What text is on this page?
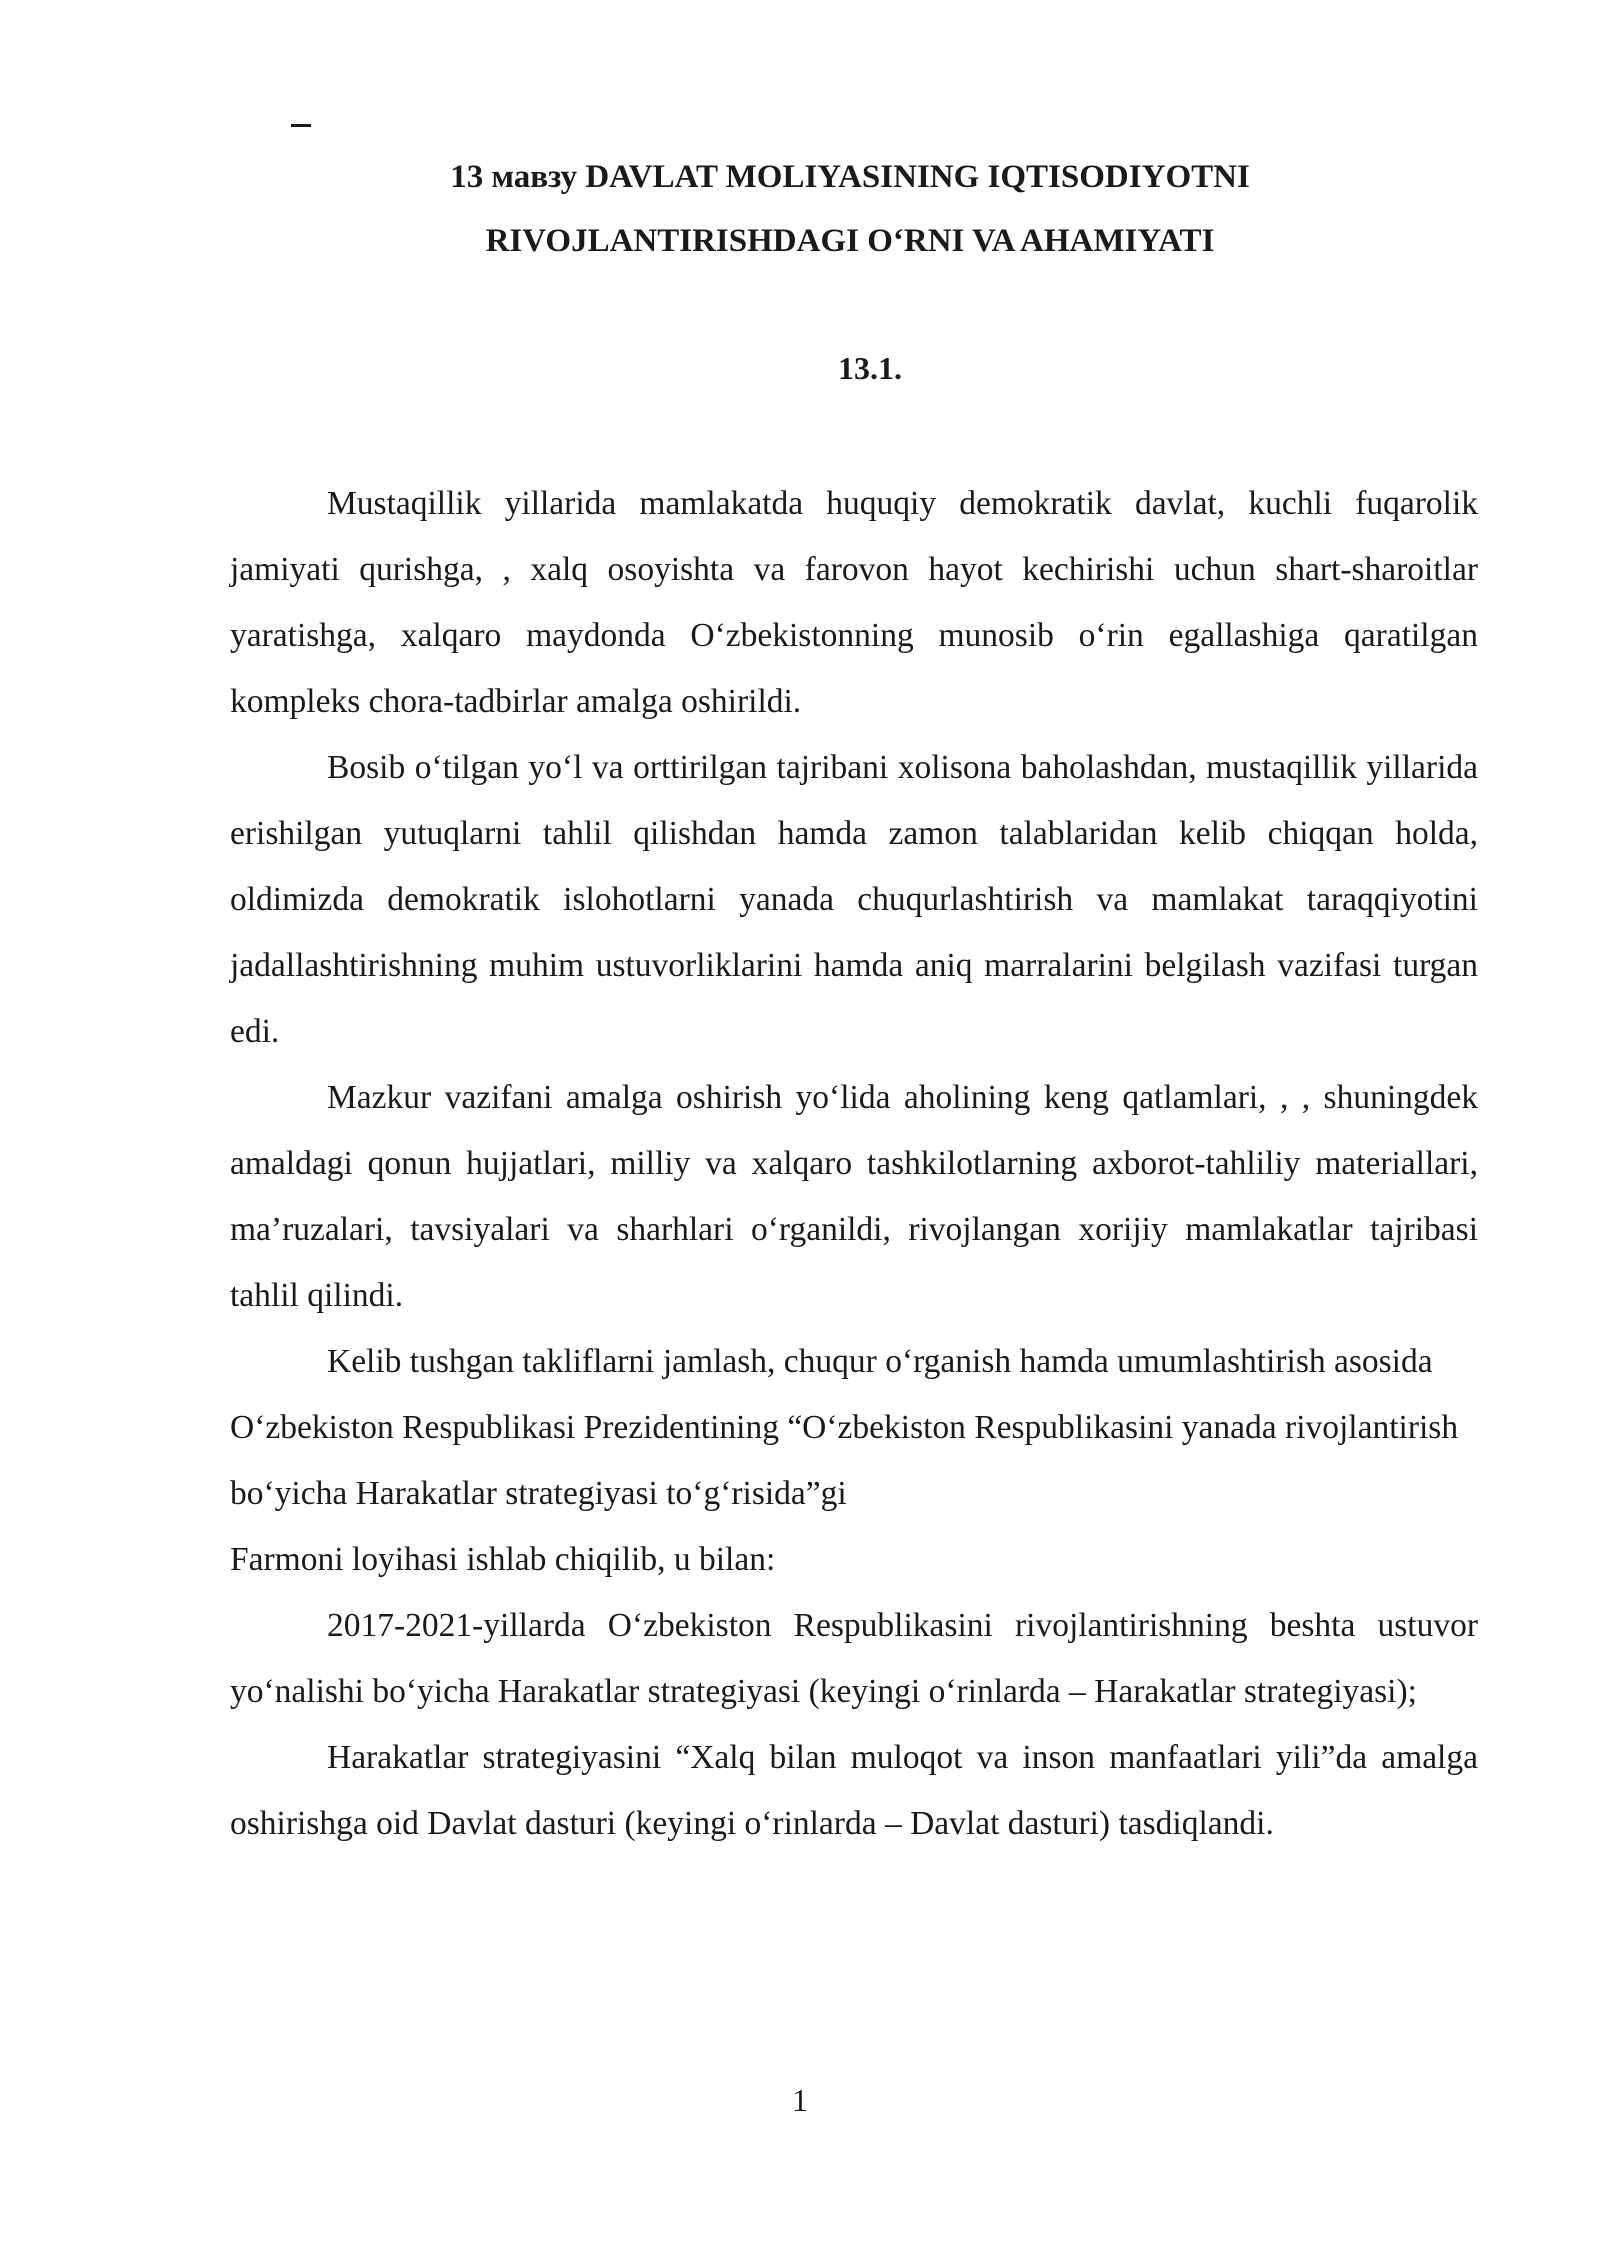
13 мавзу DAVLAT MOLIYASINING IQTISODIYOTNI
RIVOJLANTIRISHDAGI O‘RNI VA AHAMIYATI
13.1.

Mustaqillik yillarida mamlakatda huquqiy demokratik davlat, kuchli fuqarolik jamiyati qurishga, , xalq osoyishta va farovon hayot kechirishi uchun shart-sharoitlar yaratishga, xalqaro maydonda O‘zbekistonning munosib o‘rin egallashiga qaratilgan kompleks chora-tadbirlar amalga oshirildi.

Bosib o‘tilgan yo‘l va orttirilgan tajribani xolisona baholashdan, mustaqillik yillarida erishilgan yutuqlarni tahlil qilishdan hamda zamon talablaridan kelib chiqqan holda, oldimizda demokratik islohotlarni yanada chuqurlashtirish va mamlakat taraqqiyotini jadallashtirishning muhim ustuvorliklarini hamda aniq marralarini belgilash vazifasi turgan edi.

Mazkur vazifani amalga oshirish yo‘lida aholining keng qatlamlari, , , shuningdek amaldagi qonun hujjatlari, milliy va xalqaro tashkilotlarning axborot-tahliliy materiallari, ma’ruzalari, tavsiyalari va sharhlari o‘rganildi, rivojlangan xorijiy mamlakatlar tajribasi tahlil qilindi.

Kelib tushgan takliflarni jamlash, chuqur o‘rganish hamda umumlashtirish asosida O‘zbekiston Respublikasi Prezidentining “O‘zbekiston Respublikasini yanada rivojlantirish bo‘yicha Harakatlar strategiyasi to‘g‘risida”gi

Farmoni loyihasi ishlab chiqilib, u bilan:

2017-2021-yillarda O‘zbekiston Respublikasini rivojlantirishning beshta ustuvor yo‘nalishi bo‘yicha Harakatlar strategiyasi (keyingi o‘rinlarda – Harakatlar strategiyasi);

Harakatlar strategiyasini “Xalq bilan muloqot va inson manfaatlari yili”da amalga oshirishga oid Davlat dasturi (keyingi o‘rinlarda – Davlat dasturi) tasdiqlandi.

1
